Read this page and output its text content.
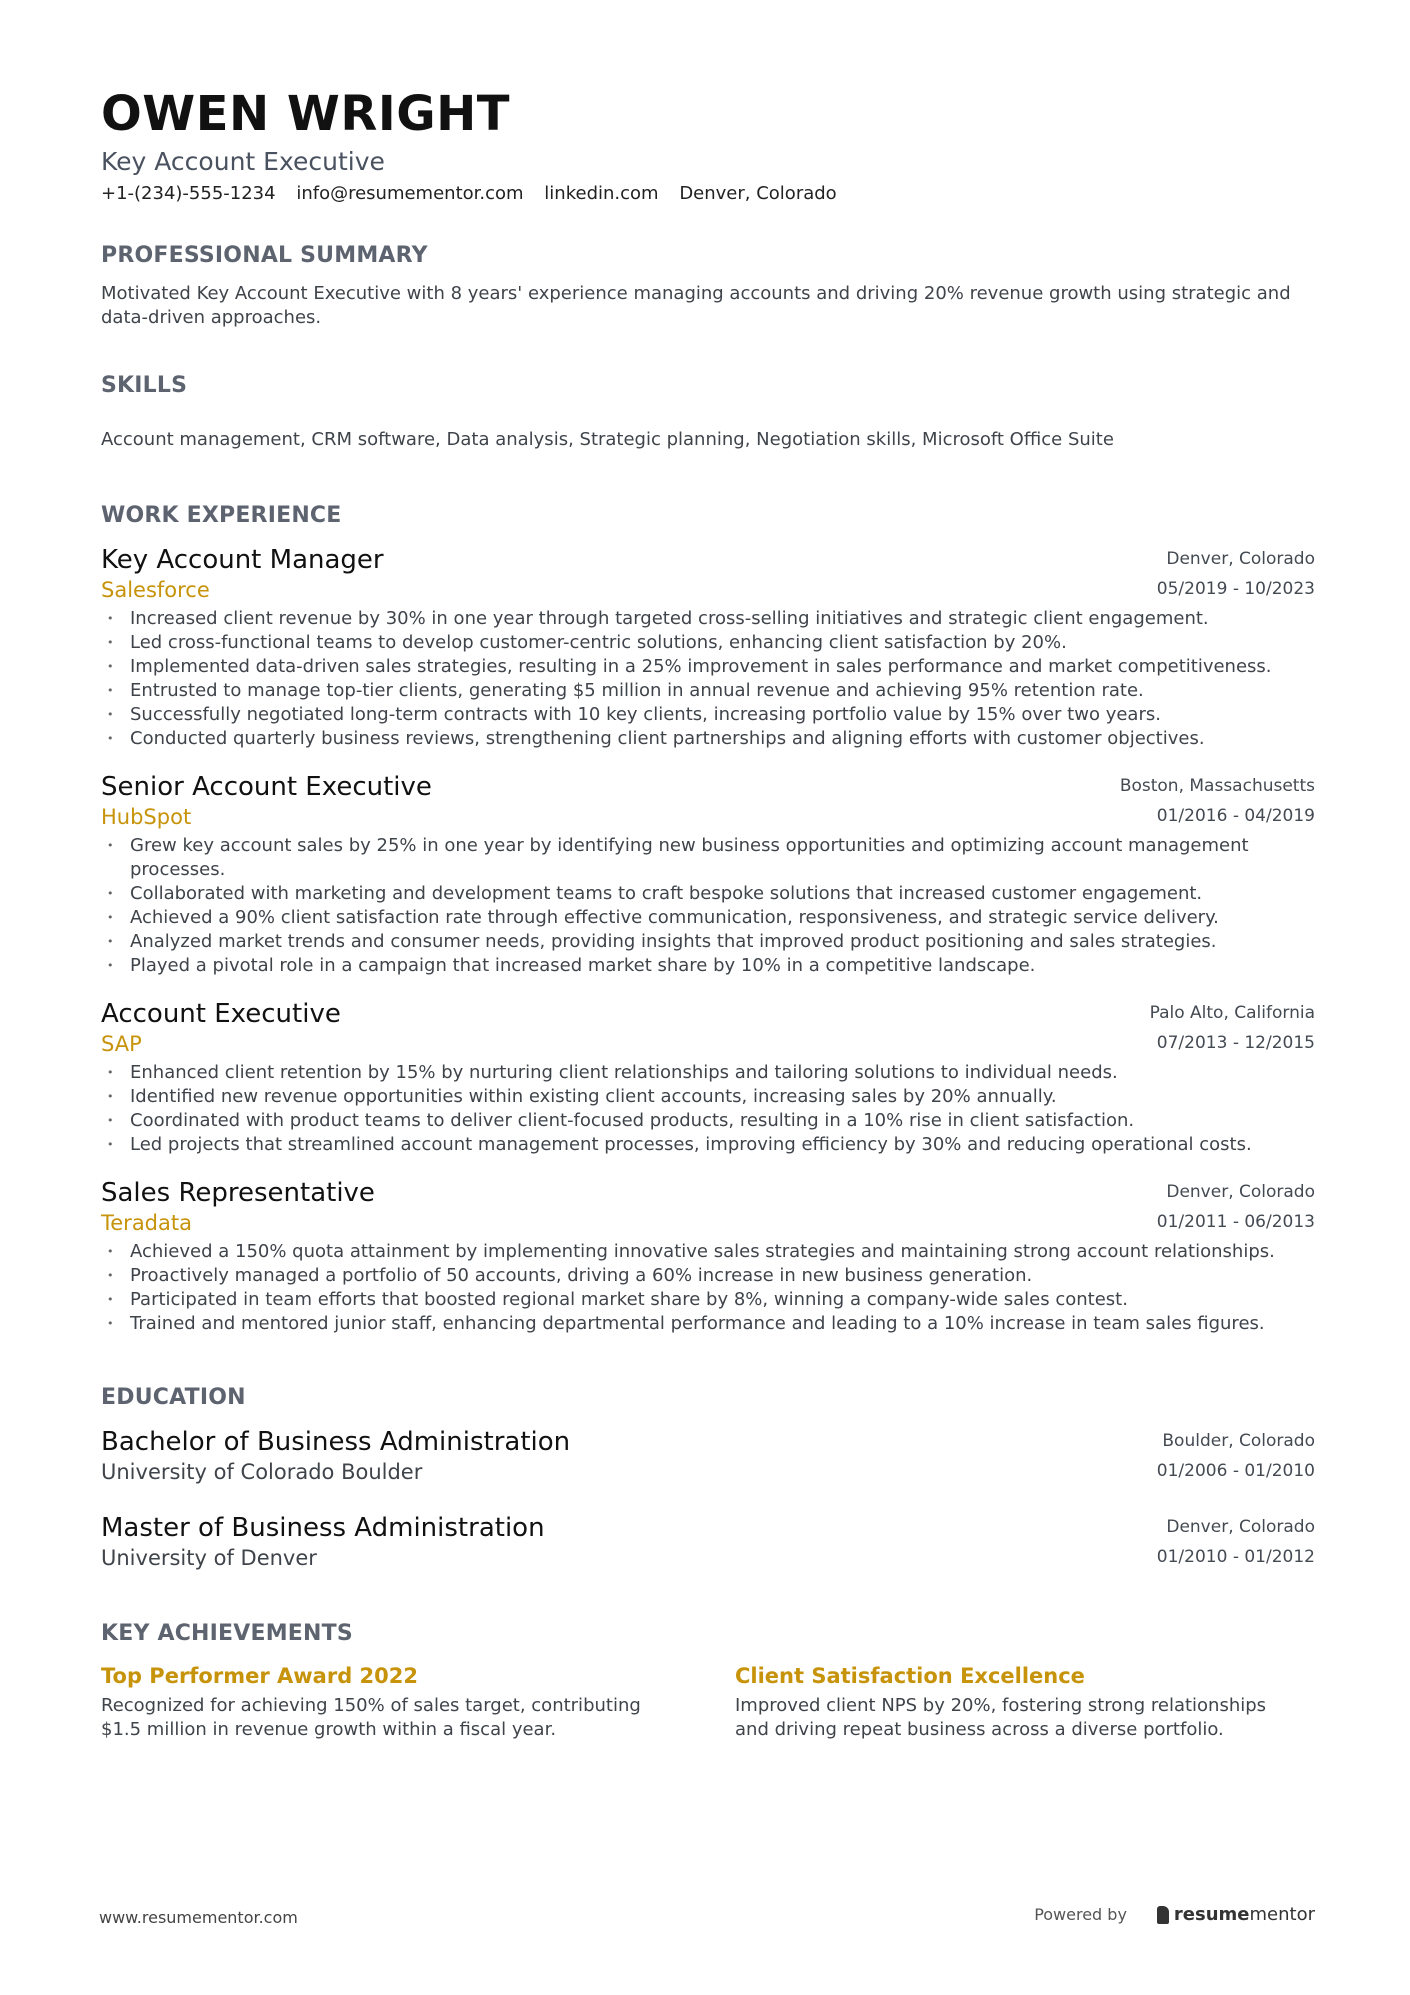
OWEN WRIGHT
Key Account Executive
+1-(234)-555-1234 info@resumementor.com linkedin.com Denver, Colorado
PROFESSIONAL SUMMARY
Motivated Key Account Executive with 8 years' experience managing accounts and driving 20% revenue growth using strategic and data-driven approaches.
SKILLS
Account management, CRM software, Data analysis, Strategic planning, Negotiation skills, Microsoft Office Suite
WORK EXPERIENCE
Key Account Manager
Salesforce
Denver, Colorado
05/2019 - 10/2023
• Increased client revenue by 30% in one year through targeted cross-selling initiatives and strategic client engagement.
• Led cross-functional teams to develop customer-centric solutions, enhancing client satisfaction by 20%.
• Implemented data-driven sales strategies, resulting in a 25% improvement in sales performance and market competitiveness.
• Entrusted to manage top-tier clients, generating $5 million in annual revenue and achieving 95% retention rate.
• Successfully negotiated long-term contracts with 10 key clients, increasing portfolio value by 15% over two years.
• Conducted quarterly business reviews, strengthening client partnerships and aligning efforts with customer objectives.
Senior Account Executive
HubSpot
Boston, Massachusetts
01/2016 - 04/2019
• Grew key account sales by 25% in one year by identifying new business opportunities and optimizing account management processes.
• Collaborated with marketing and development teams to craft bespoke solutions that increased customer engagement.
• Achieved a 90% client satisfaction rate through effective communication, responsiveness, and strategic service delivery.
• Analyzed market trends and consumer needs, providing insights that improved product positioning and sales strategies.
• Played a pivotal role in a campaign that increased market share by 10% in a competitive landscape.
Account Executive
SAP
Palo Alto, California
07/2013 - 12/2015
• Enhanced client retention by 15% by nurturing client relationships and tailoring solutions to individual needs.
• Identified new revenue opportunities within existing client accounts, increasing sales by 20% annually.
• Coordinated with product teams to deliver client-focused products, resulting in a 10% rise in client satisfaction.
• Led projects that streamlined account management processes, improving efficiency by 30% and reducing operational costs.
Sales Representative
Teradata
Denver, Colorado
01/2011 - 06/2013
• Achieved a 150% quota attainment by implementing innovative sales strategies and maintaining strong account relationships.
• Proactively managed a portfolio of 50 accounts, driving a 60% increase in new business generation.
• Participated in team efforts that boosted regional market share by 8%, winning a company-wide sales contest.
• Trained and mentored junior staff, enhancing departmental performance and leading to a 10% increase in team sales figures.
EDUCATION
Bachelor of Business Administration
University of Colorado Boulder
Boulder, Colorado
01/2006 - 01/2010
Master of Business Administration
University of Denver
Denver, Colorado
01/2010 - 01/2012
KEY ACHIEVEMENTS
Top Performer Award 2022
Recognized for achieving 150% of sales target, contributing $1.5 million in revenue growth within a fiscal year.
Client Satisfaction Excellence
Improved client NPS by 20%, fostering strong relationships and driving repeat business across a diverse portfolio.
www.resumementor.com	Powered by	resume mentor
